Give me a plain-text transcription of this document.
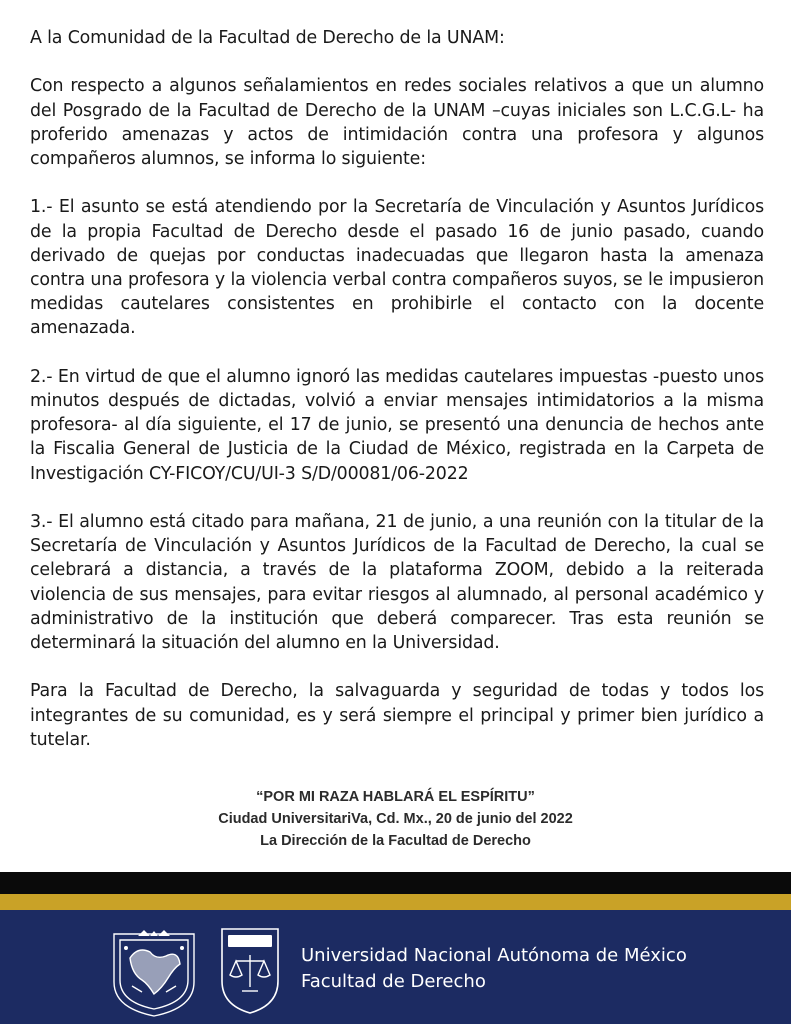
A la Comunidad de la Facultad de Derecho de la UNAM:

Con respecto a algunos señalamientos en redes sociales relativos a que un alumno del Posgrado de la Facultad de Derecho de la UNAM –cuyas iniciales son L.C.G.L- ha proferido amenazas y actos de intimidación contra una profesora y algunos compañeros alumnos, se informa lo siguiente:

1.- El asunto se está atendiendo por la Secretaría de Vinculación y Asuntos Jurídicos de la propia Facultad de Derecho desde el pasado 16 de junio pasado, cuando derivado de quejas por conductas inadecuadas que llegaron hasta la amenaza contra una profesora y la violencia verbal contra compañeros suyos, se le impusieron medidas cautelares consistentes en prohibirle el contacto con la docente amenazada.

2.- En virtud de que el alumno ignoró las medidas cautelares impuestas -puesto unos minutos después de dictadas, volvió a enviar mensajes intimidatorios a la misma profesora- al día siguiente, el 17 de junio, se presentó una denuncia de hechos ante la Fiscalia General de Justicia de la Ciudad de México, registrada en la Carpeta de Investigación CY-FICOY/CU/UI-3 S/D/00081/06-2022

3.- El alumno está citado para mañana, 21 de junio, a una reunión con la titular de la Secretaría de Vinculación y Asuntos Jurídicos de la Facultad de Derecho, la cual se celebrará a distancia, a través de la plataforma ZOOM, debido a la reiterada violencia de sus mensajes, para evitar riesgos al alumnado, al personal académico y administrativo de la institución que deberá comparecer. Tras esta reunión se determinará la situación del alumno en la Universidad.

Para la Facultad de Derecho, la salvaguarda y seguridad de todas y todos los integrantes de su comunidad, es y será siempre el principal y primer bien jurídico a tutelar.

“POR MI RAZA HABLARÁ EL ESPÍRITU”
Ciudad UniversitariVa, Cd. Mx., 20 de junio del 2022
La Dirección de la Facultad de Derecho
Universidad Nacional Autónoma de México
Facultad de Derecho
